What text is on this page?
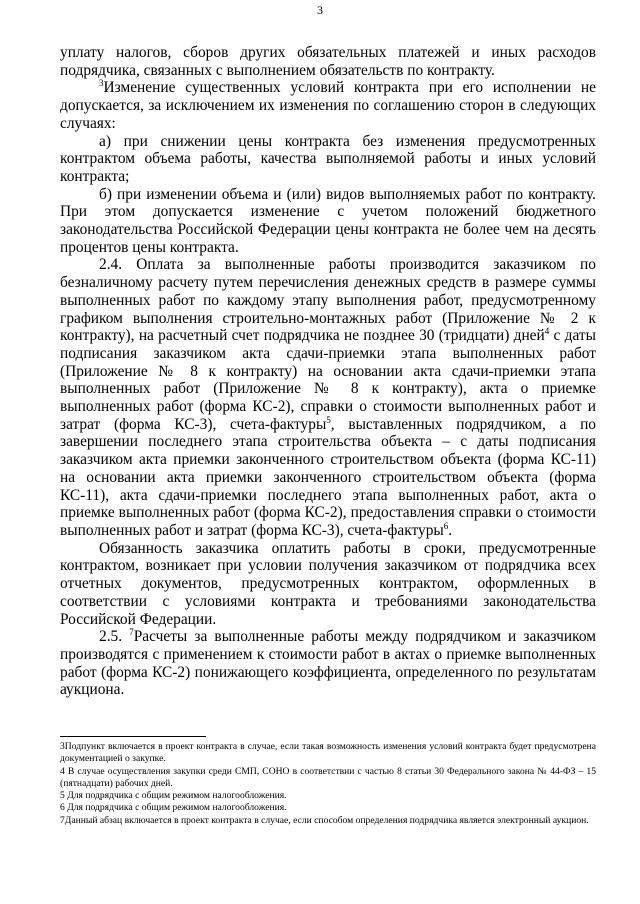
3

уплату налогов, сборов других обязательных платежей и иных расходов подрядчика, связанных с выполнением обязательств по контракту.

$^3$Изменение существенных условий контракта при его исполнении не допускается, за исключением их изменения по соглашению сторон в следующих случаях:

а) при снижении цены контракта без изменения предусмотренных контрактом объема работы, качества выполняемой работы и иных условий контракта;

б) при изменении объема и (или) видов выполняемых работ по контракту. При этом допускается изменение с учетом положений бюджетного законодательства Российской Федерации цены контракта не более чем на десять процентов цены контракта.

2.4. Оплата за выполненные работы производится заказчиком по безналичному расчету путем перечисления денежных средств в размере суммы выполненных работ по каждому этапу выполнения работ, предусмотренному графиком выполнения строительно-монтажных работ (Приложение № 2 к контракту), на расчетный счет подрядчика не позднее 30 (тридцати) дней$^4$ с даты подписания заказчиком акта сдачи-приемки этапа выполненных работ (Приложение № 8 к контракту) на основании акта сдачи-приемки этапа выполненных работ (Приложение № 8 к контракту), акта о приемке выполненных работ (форма КС-2), справки о стоимости выполненных работ и затрат (форма КС-3), счета-фактуры$^5$, выставленных подрядчиком, а по завершении последнего этапа строительства объекта – с даты подписания заказчиком акта приемки законченного строительством объекта (форма КС-11) на основании акта приемки законченного строительством объекта (форма КС-11), акта сдачи-приемки последнего этапа выполненных работ, акта о приемке выполненных работ (форма КС-2), предоставления справки о стоимости выполненных работ и затрат (форма КС-3), счета-фактуры$^6$.

Обязанность заказчика оплатить работы в сроки, предусмотренные контрактом, возникает при условии получения заказчиком от подрядчика всех отчетных документов, предусмотренных контрактом, оформленных в соответствии с условиями контракта и требованиями законодательства Российской Федерации.

2.5. $^7$Расчеты за выполненные работы между подрядчиком и заказчиком производятся с применением к стоимости работ в актах о приемке выполненных работ (форма КС-2) понижающего коэффициента, определенного по результатам аукциона.

3Подпункт включается в проект контракта в случае, если такая возможность изменения условий контракта будет предусмотрена документацией о закупке.

4 В случае осуществления закупки среди СМП, СОНО в соответствии с частью 8 статьи 30 Федерального закона № 44-ФЗ – 15 (пятнадцати) рабочих дней.

5 Для подрядчика с общим режимом налогообложения.

6 Для подрядчика с общим режимом налогообложения.

7Данный абзац включается в проект контракта в случае, если способом определения подрядчика является электронный аукцион.
